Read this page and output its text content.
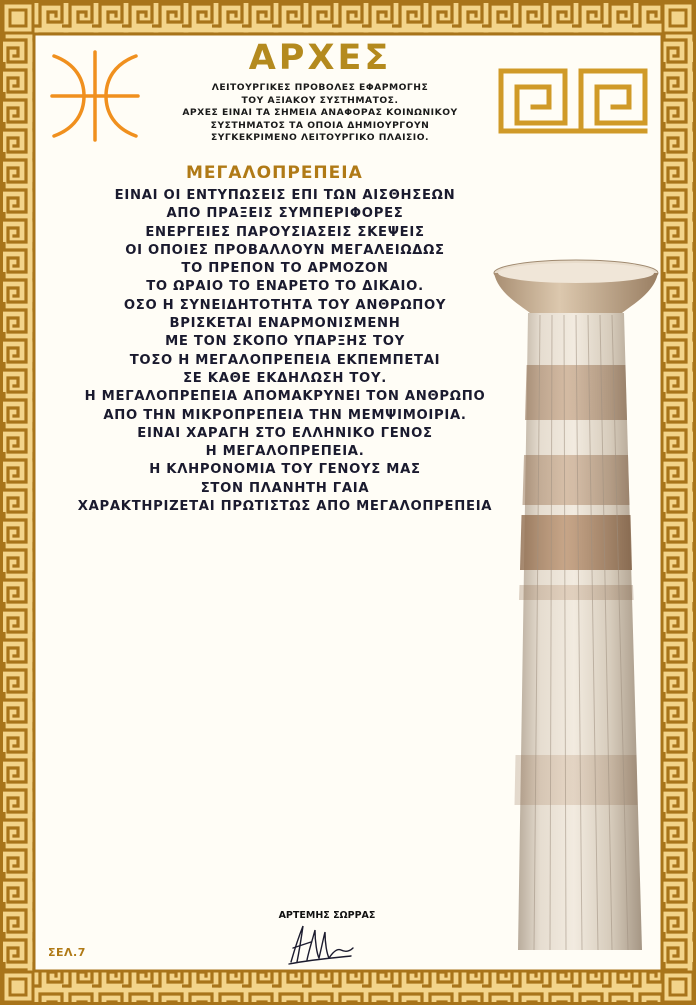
ΑΡΧΕΣ
ΛΕΙΤΟΥΡΓΙΚΕΣ ΠΡΟΒΟΛΕΣ ΕΦΑΡΜΟΓΗΣ
ΤΟΥ ΑΞΙΑΚΟΥ ΣΥΣΤΗΜΑΤΟΣ.
ΑΡΧΕΣ ΕΙΝΑΙ ΤΑ ΣΗΜΕΙΑ ΑΝΑΦΟΡΑΣ ΚΟΙΝΩΝΙΚΟΥ
ΣΥΣΤΗΜΑΤΟΣ ΤΑ ΟΠΟΙΑ ΔΗΜΙΟΥΡΓΟΥΝ
ΣΥΓΚΕΚΡΙΜΕΝΟ ΛΕΙΤΟΥΡΓΙΚΟ ΠΛΑΙΣΙΟ.
ΜΕΓΑΛΟΠΡΕΠΕΙΑ
ΕΙΝΑΙ ΟΙ ΕΝΤΥΠΩΣΕΙΣ ΕΠΙ ΤΩΝ ΑΙΣΘΗΣΕΩΝ
ΑΠΟ ΠΡΑΞΕΙΣ ΣΥΜΠΕΡΙΦΟΡΕΣ
ΕΝΕΡΓΕΙΕΣ ΠΑΡΟΥΣΙΑΣΕΙΣ ΣΚΕΨΕΙΣ
ΟΙ ΟΠΟΙΕΣ ΠΡΟΒΑΛΛΟΥΝ ΜΕΓΑΛΕΙΩΔΩΣ
ΤΟ ΠΡΕΠΟΝ ΤΟ ΑΡΜΟΖΟΝ
ΤΟ ΩΡΑΙΟ ΤΟ ΕΝΑΡΕΤΟ ΤΟ ΔΙΚΑΙΟ.
ΟΣΟ Η ΣΥΝΕΙΔΗΤΟΤΗΤΑ ΤΟΥ ΑΝΘΡΩΠΟΥ
ΒΡΙΣΚΕΤΑΙ ΕΝΑΡΜΟΝΙΣΜΕΝΗ
ΜΕ ΤΟΝ ΣΚΟΠΟ ΥΠΑΡΞΗΣ ΤΟΥ
ΤΟΣΟ Η ΜΕΓΑΛΟΠΡΕΠΕΙΑ ΕΚΠΕΜΠΕΤΑΙ
ΣΕ ΚΑΘΕ ΕΚΔΗΛΩΣΗ ΤΟΥ.
Η ΜΕΓΑΛΟΠΡΕΠΕΙΑ ΑΠΟΜΑΚΡΥΝΕΙ ΤΟΝ ΑΝΘΡΩΠΟ
ΑΠΟ ΤΗΝ ΜΙΚΡΟΠΡΕΠΕΙΑ ΤΗΝ ΜΕΜΨΙΜΟΙΡΙΑ.
ΕΙΝΑΙ ΧΑΡΑΓΗ ΣΤΟ ΕΛΛΗΝΙΚΟ ΓΕΝΟΣ
Η ΜΕΓΑΛΟΠΡΕΠΕΙΑ.
Η ΚΛΗΡΟΝΟΜΙΑ ΤΟΥ ΓΕΝΟΥΣ ΜΑΣ
ΣΤΟΝ ΠΛΑΝΗΤΗ ΓΑΙΑ
ΧΑΡΑΚΤΗΡΙΖΕΤΑΙ ΠΡΩΤΙΣΤΩΣ ΑΠΟ ΜΕΓΑΛΟΠΡΕΠΕΙΑ
ΑΡΤΕΜΗΣ ΣΩΡΡΑΣ
ΣΕΛ.7
